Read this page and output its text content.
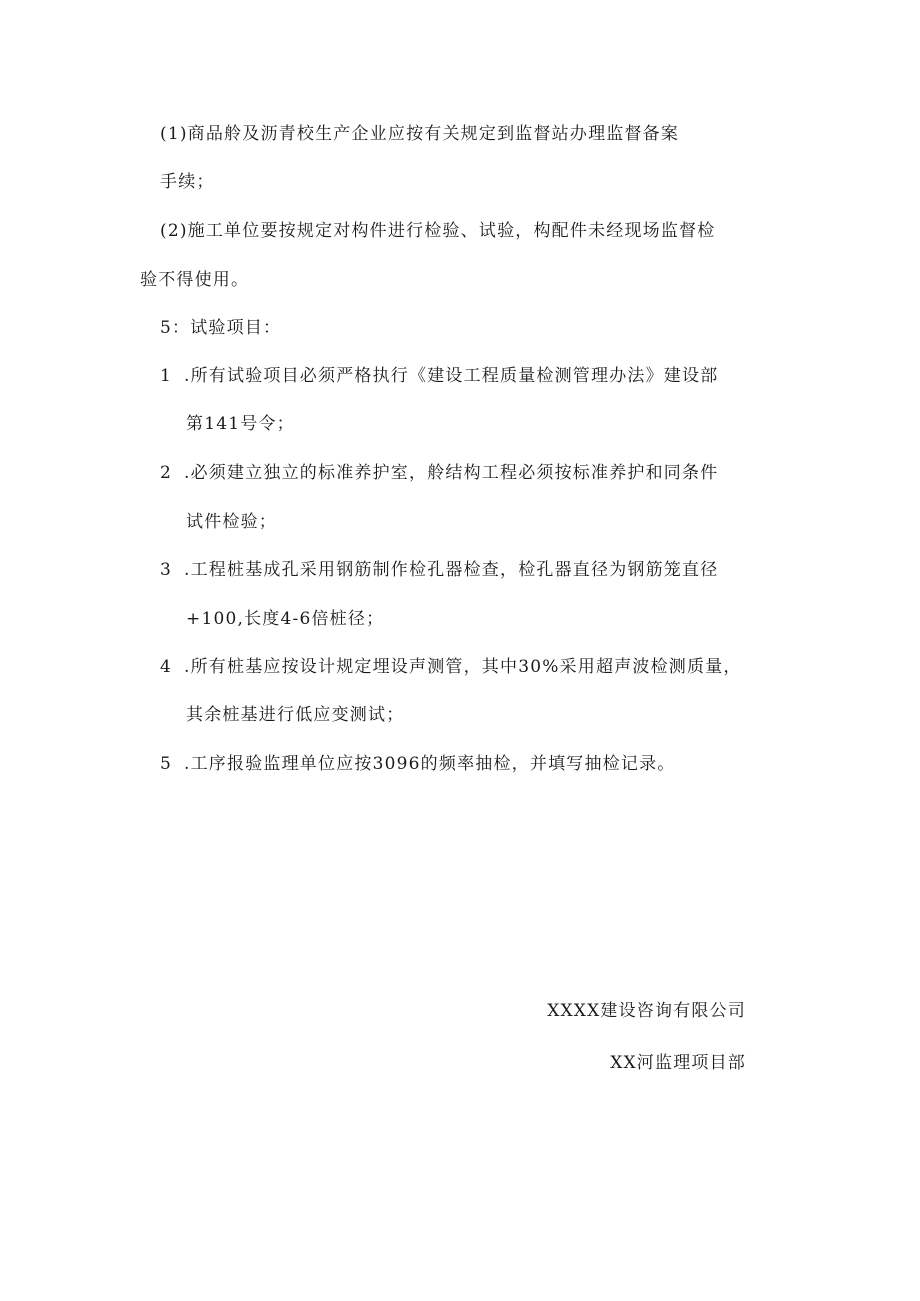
(1)商品舲及沥青校生产企业应按有关规定到监督站办理监督备案
手续；
(2)施工单位要按规定对构件进行检验、试验，构配件未经现场监督检
验不得使用。
5：试验项目：
1 .所有试验项目必须严格执行《建设工程质量检测管理办法》建设部
第141号令；
2 .必须建立独立的标准养护室，舲结构工程必须按标准养护和同条件
试件检验；
3 .工程桩基成孔采用钢筋制作检孔器检查，检孔器直径为钢筋笼直径
+100,长度4-6倍桩径；
4 .所有桩基应按设计规定埋设声测管，其中30%采用超声波检测质量，
其余桩基进行低应变测试；
5 .工序报验监理单位应按3096的频率抽检，并填写抽检记录。
XXXX建设咨询有限公司
XX河监理项目部
